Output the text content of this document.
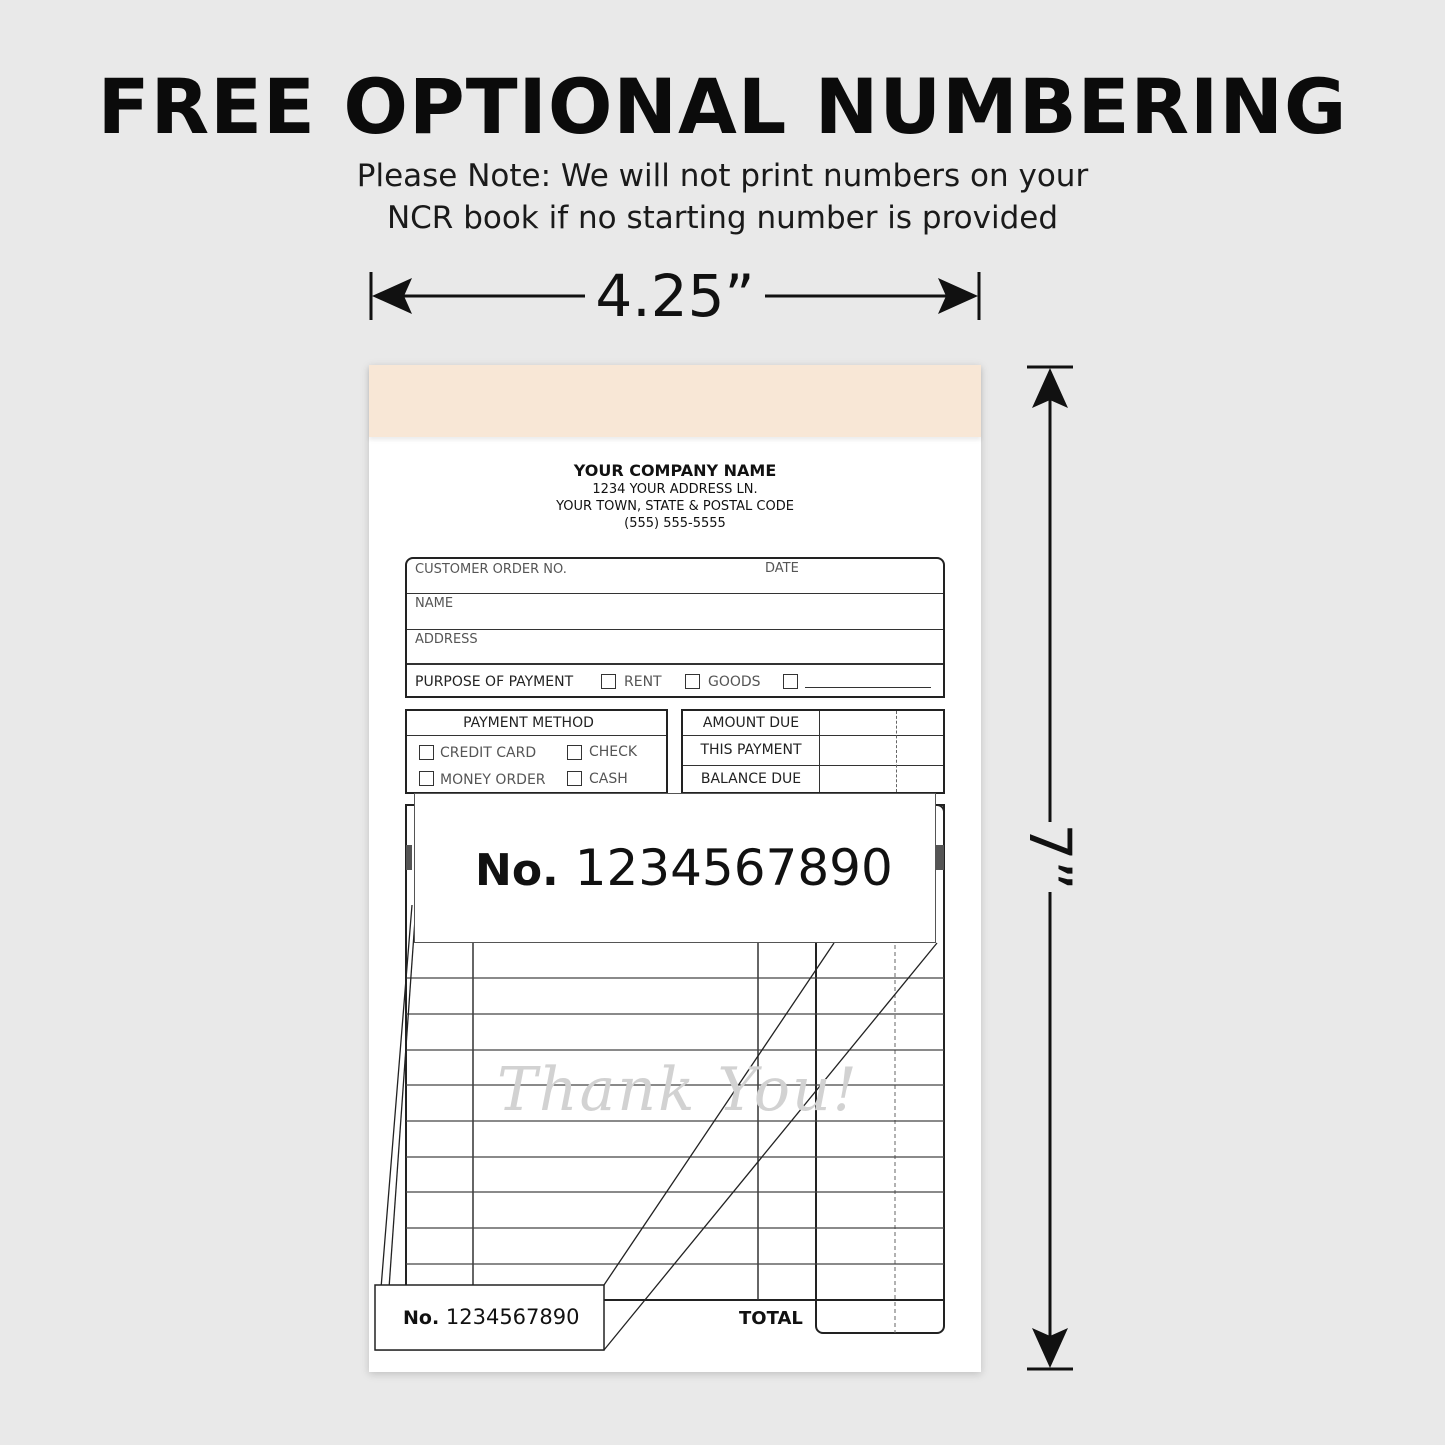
FREE OPTIONAL NUMBERING
Please Note: We will not print numbers on your
NCR book if no starting number is provided
4.25”
7”
YOUR COMPANY NAME
1234 YOUR ADDRESS LN.
YOUR TOWN, STATE & POSTAL CODE
(555) 555-5555
CUSTOMER ORDER NO.	DATE
NAME
ADDRESS
PURPOSE OF PAYMENT	RENT	GOODS
PAYMENT METHOD
CREDIT CARD	CHECK
MONEY ORDER	CASH
AMOUNT DUE
THIS PAYMENT
BALANCE DUE
Thank You!
No. 1234567890
No. 1234567890	TOTAL
